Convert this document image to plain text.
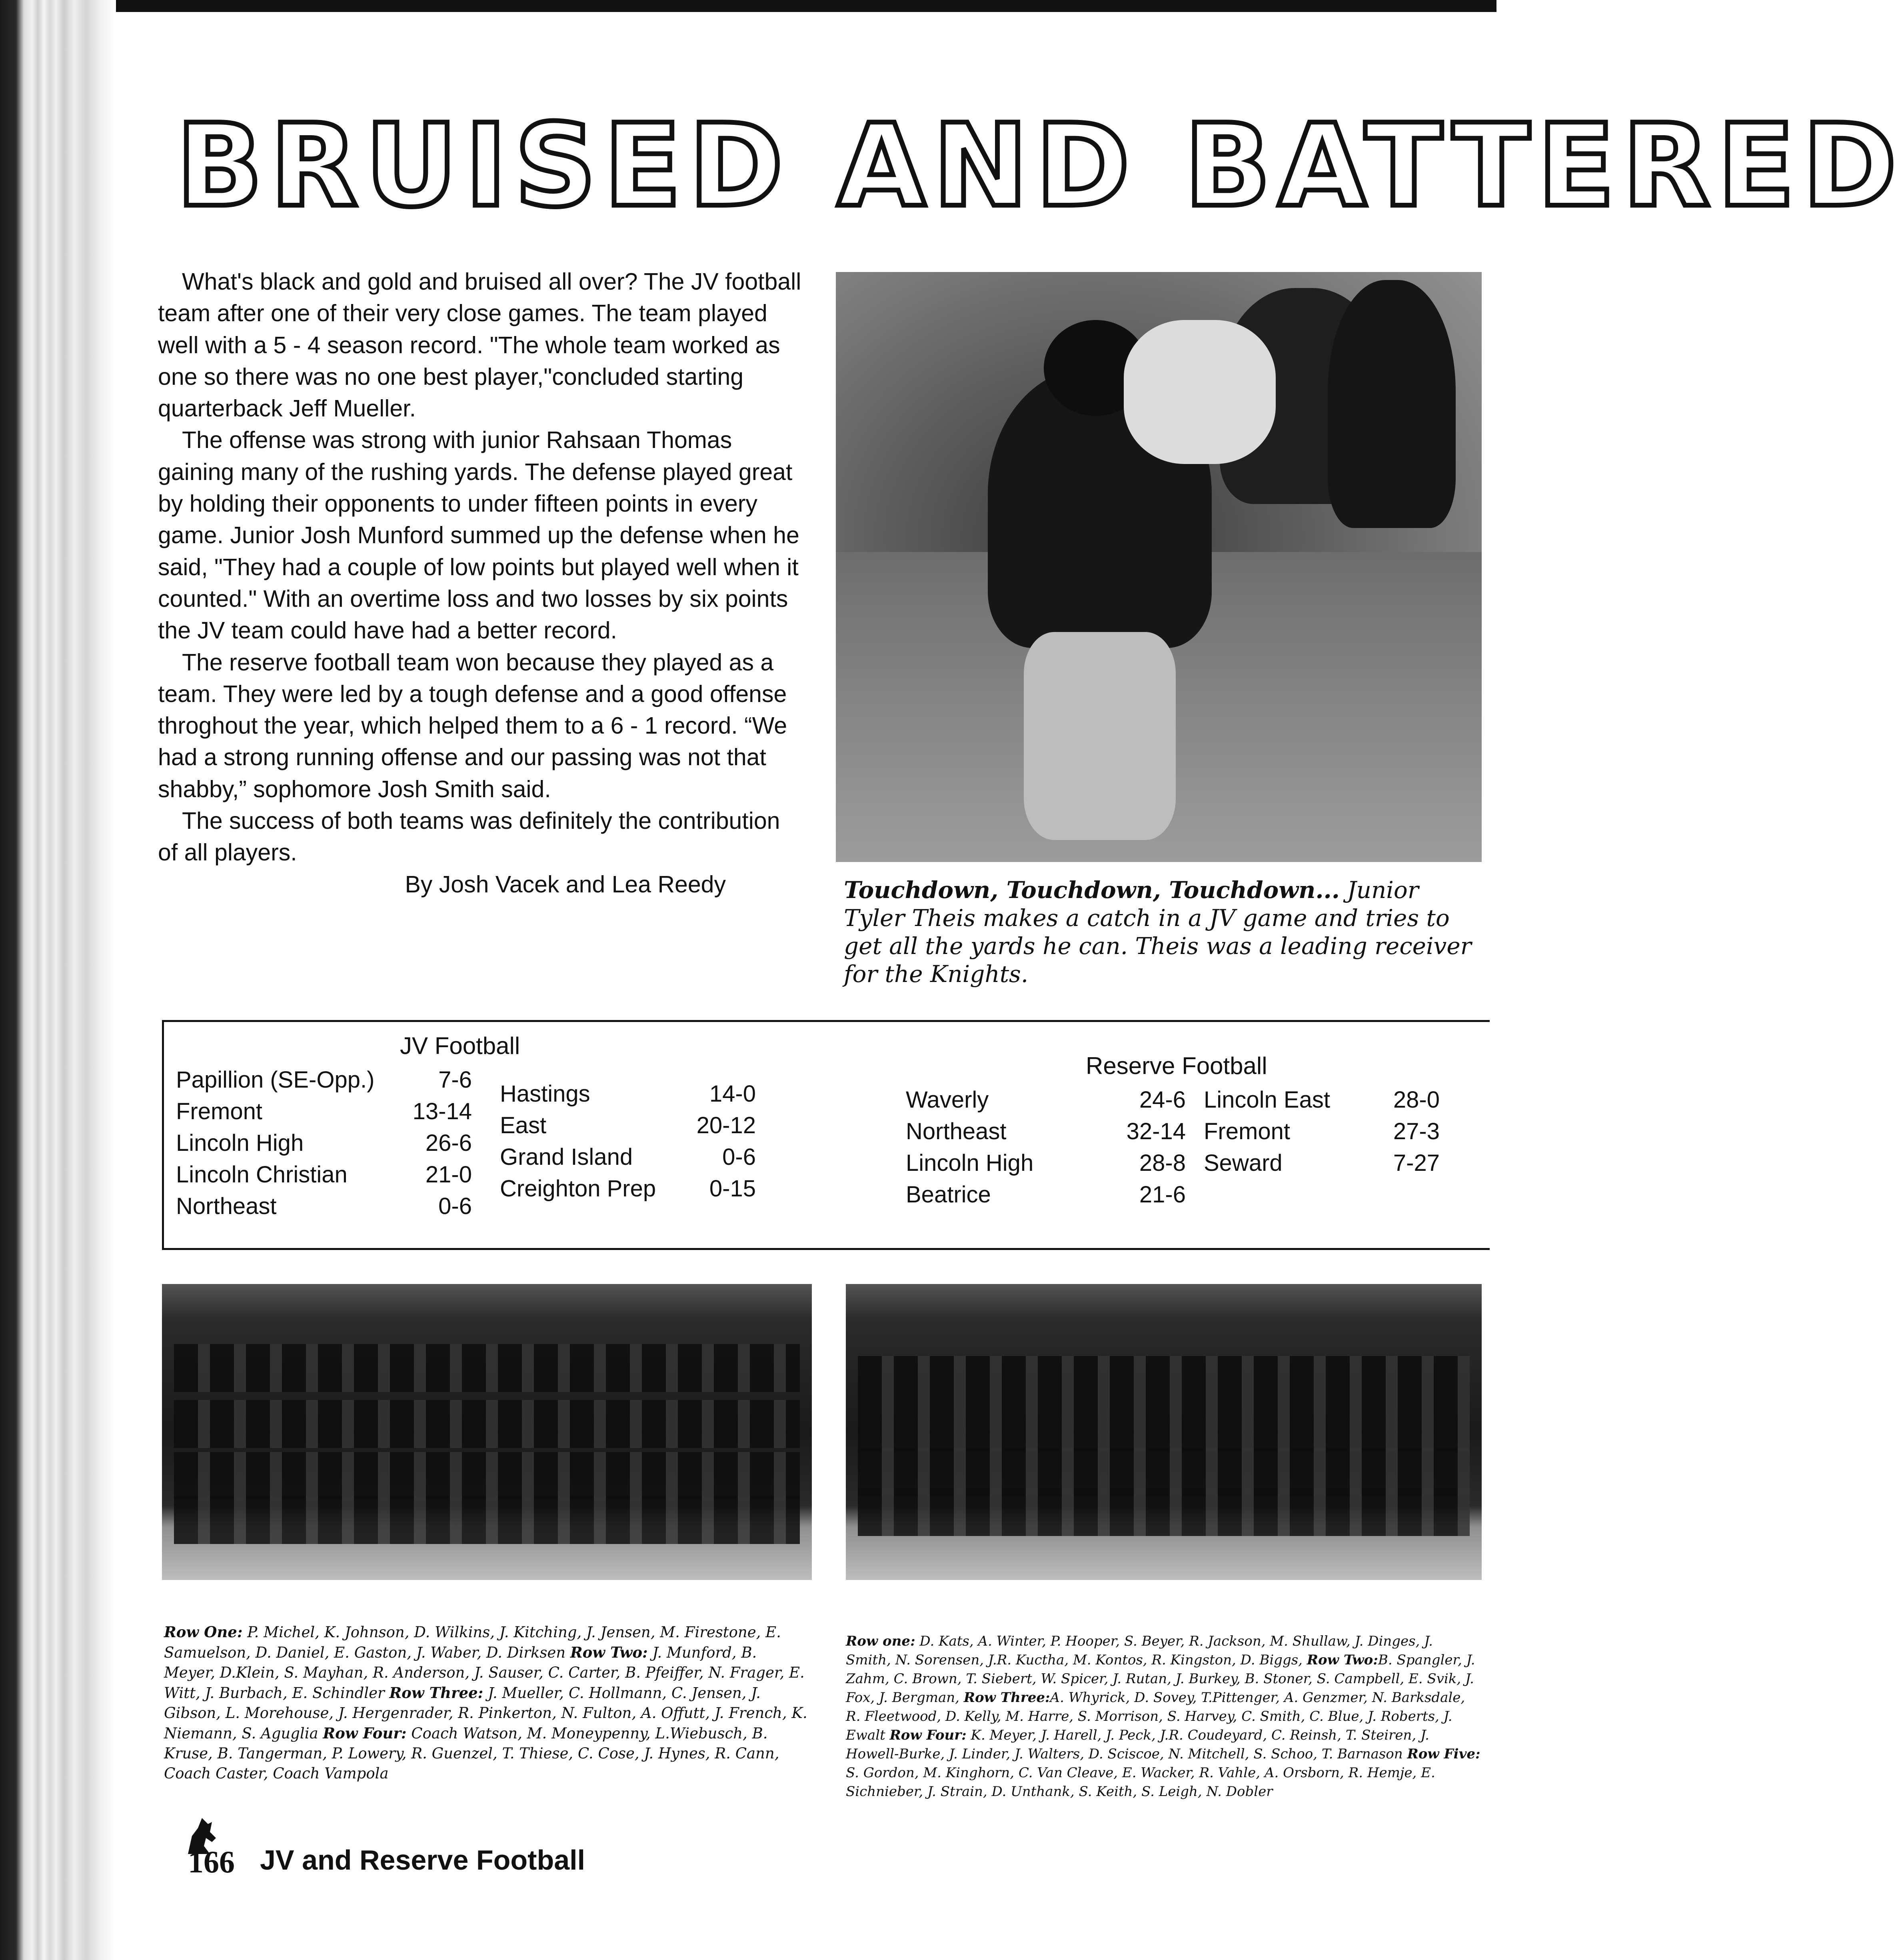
BRUISED AND BATTERED

What's black and gold and bruised all over? The JV football team after one of their very close games. The team played well with a 5 - 4 season record. "The whole team worked as one so there was no one best player,"concluded starting quarterback Jeff Mueller.

The offense was strong with junior Rahsaan Thomas gaining many of the rushing yards. The defense played great by holding their opponents to under fifteen points in every game. Junior Josh Munford summed up the defense when he said, "They had a couple of low points but played well when it counted." With an overtime loss and two losses by six points the JV team could have had a better record.

The reserve football team won because they played as a team. They were led by a tough defense and a good offense throghout the year, which helped them to a 6 - 1 record. “We had a strong running offense and our passing was not that shabby,” sophomore Josh Smith said.

The success of both teams was definitely the contribution of all players.

By Josh Vacek and Lea Reedy	Touchdown, Touchdown, Touchdown... Junior Tyler Theis makes a catch in a JV game and tries to get all the yards he can. Theis was a leading receiver for the Knights.
JV Football
Papillion (SE-Opp.)	7-6
Fremont	13-14
Lincoln High	26-6
Lincoln Christian	21-0
Northeast	0-6
Hastings	14-0
East	20-12
Grand Island	0-6
Creighton Prep 0-15
Reserve Football
Waverly	24-6
Northeast	32-14
Lincoln High	28-8
Beatrice	21-6
Lincoln East	28-0
Fremont	27-3
Seward	7-27
Row One: P. Michel, K. Johnson, D. Wilkins, J. Kitching, J. Jensen, M. Firestone, E. Samuelson, D. Daniel, E. Gaston, J. Waber, D. Dirksen Row Two: J. Munford, B. Meyer, D.Klein, S. Mayhan, R. Anderson, J. Sauser, C. Carter, B. Pfeiffer, N. Frager, E. Witt, J. Burbach, E. Schindler Row Three: J. Mueller, C. Hollmann, C. Jensen, J. Gibson, L. Morehouse, J. Hergenrader, R. Pinkerton, N. Fulton, A. Offutt, J. French, K. Niemann, S. Aguglia Row Four: Coach Watson, M. Moneypenny, L.Wiebusch, B. Kruse, B. Tangerman, P. Lowery, R. Guenzel, T. Thiese, C. Cose, J. Hynes, R. Cann, Coach Caster, Coach Vampola
Row one: D. Kats, A. Winter, P. Hooper, S. Beyer, R. Jackson, M. Shullaw, J. Dinges, J. Smith, N. Sorensen, J.R. Kuctha, M. Kontos, R. Kingston, D. Biggs, Row Two:B. Spangler, J. Zahm, C. Brown, T. Siebert, W. Spicer, J. Rutan, J. Burkey, B. Stoner, S. Campbell, E. Svik, J. Fox, J. Bergman, Row Three:A. Whyrick, D. Sovey, T.Pittenger, A. Genzmer, N. Barksdale, R. Fleetwood, D. Kelly, M. Harre, S. Morrison, S. Harvey, C. Smith, C. Blue, J. Roberts, J. Ewalt Row Four: K. Meyer, J. Harell, J. Peck, J.R. Coudeyard, C. Reinsh, T. Steiren, J. Howell-Burke, J. Linder, J. Walters, D. Sciscoe, N. Mitchell, S. Schoo, T. Barnason Row Five: S. Gordon, M. Kinghorn, C. Van Cleave, E. Wacker, R. Vahle, A. Orsborn, R. Hemje, E. Sichnieber, J. Strain, D. Unthank, S. Keith, S. Leigh, N. Dobler
166 JV and Reserve Football
